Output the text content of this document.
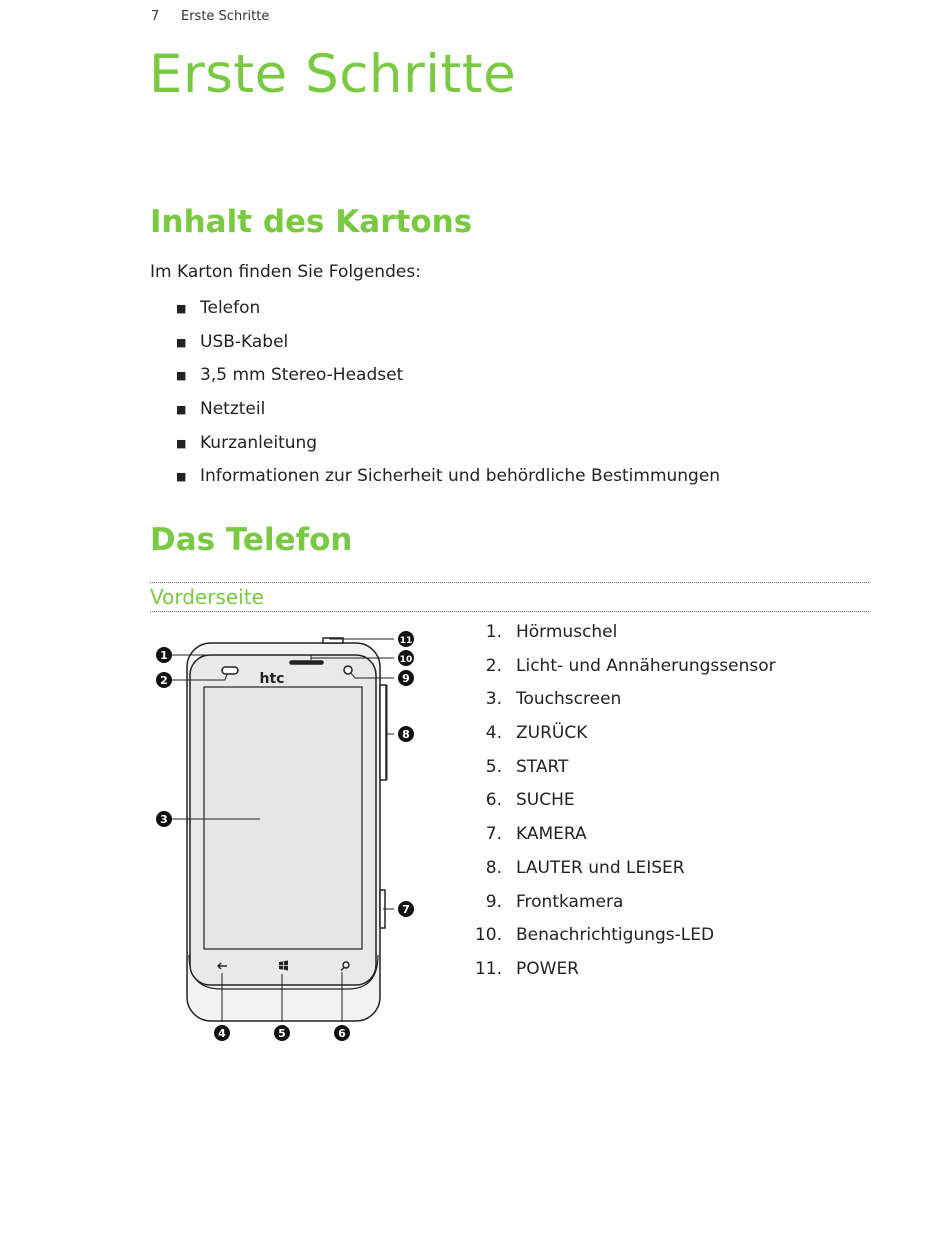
7	Erste Schritte
Erste Schritte
Inhalt des Kartons
Im Karton finden Sie Folgendes:
■ Telefon
■ USB-Kabel
■ 3,5 mm Stereo-Headset
■ Netzteil
■ Kurzanleitung
■ Informationen zur Sicherheit und behördliche Bestimmungen
Das Telefon
Vorderseite
htc
1
2
3
4	5	6
7
8
9
10
11	1. Hörmuschel
2. Licht- und Annäherungssensor
3. Touchscreen
4. ZURÜCK
5. START
6. SUCHE
7. KAMERA
8. LAUTER und LEISER
9. Frontkamera
10. Benachrichtigungs-LED
11. POWER
